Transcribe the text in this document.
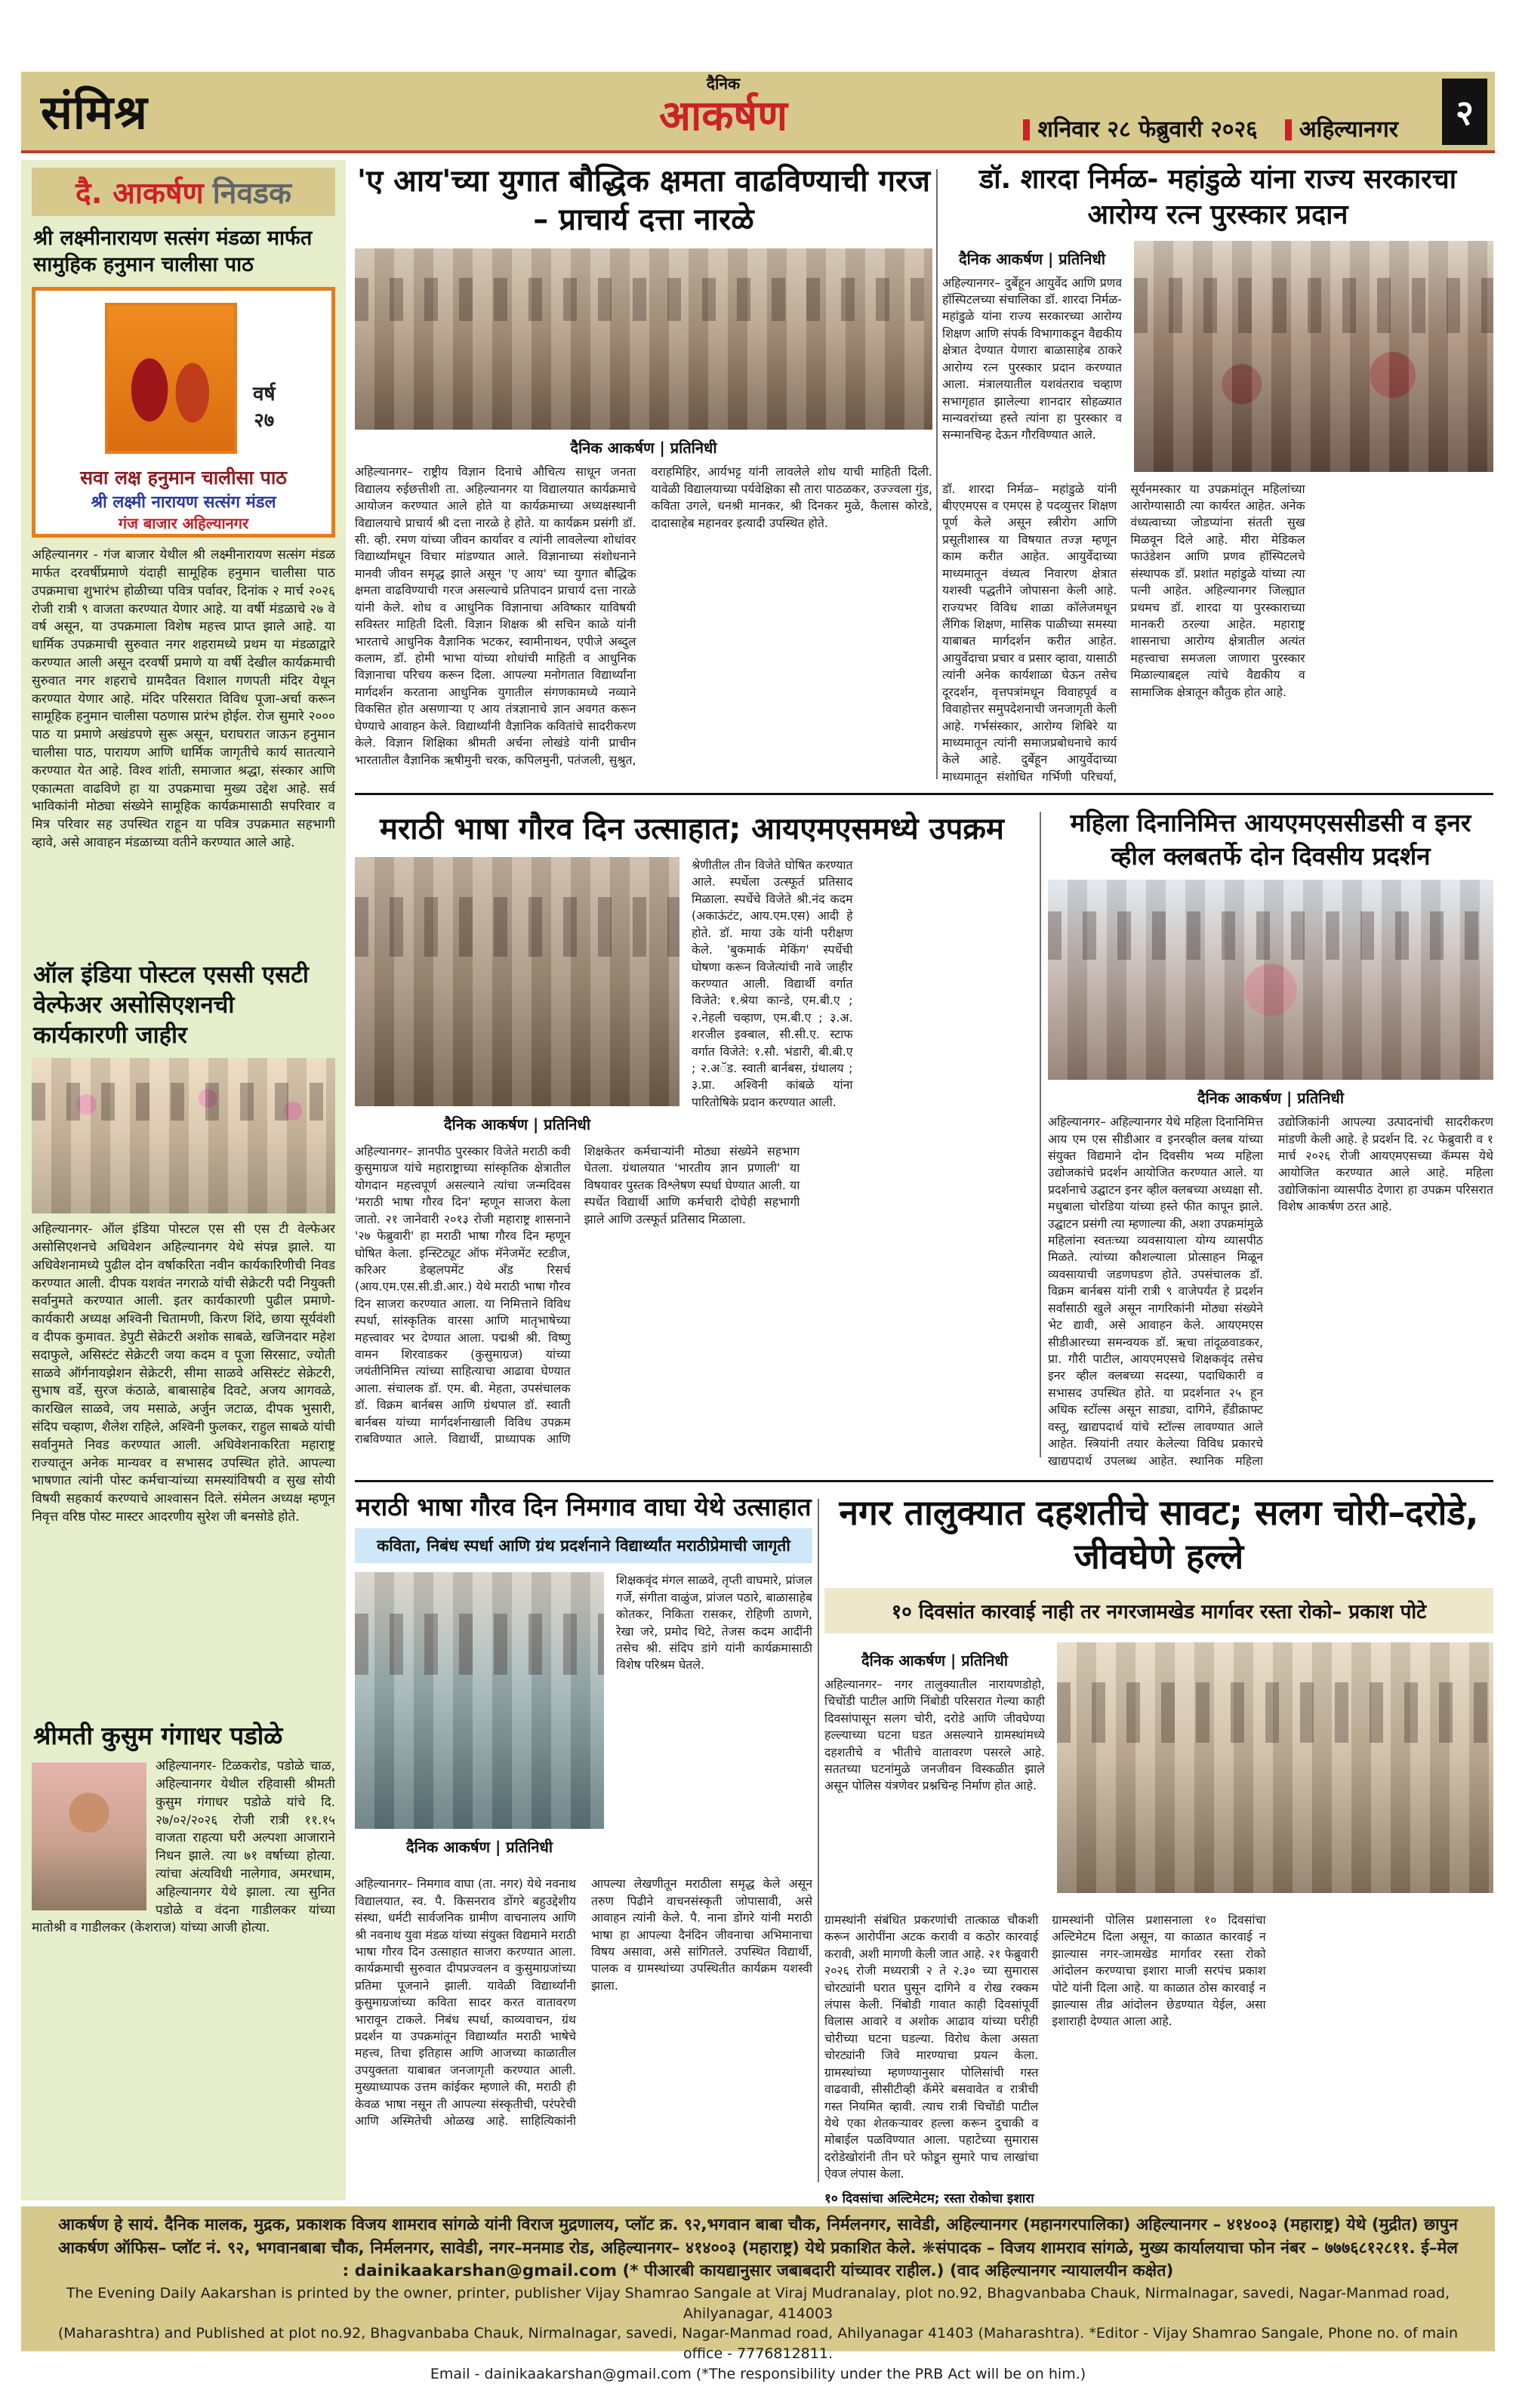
संमिश्र
दैनिक
आकर्षण	शनिवार २८ फेब्रुवारी २०२६	अहिल्यानगर	२
दै. आकर्षण निवडक
श्री लक्ष्मीनारायण सत्संग मंडळा मार्फत सामुहिक हनुमान चालीसा पाठ
वर्ष
२७
सवा लक्ष हनुमान चालीसा पाठ
श्री लक्ष्मी नारायण सत्संग मंडल
गंज बाजार अहिल्यानगर

अहिल्यानगर - गंज बाजार येथील श्री लक्ष्मीनारायण सत्संग मंडळ मार्फत दरवर्षीप्रमाणे यंदाही सामूहिक हनुमान चालीसा पाठ उपक्रमाचा शुभारंभ होळीच्या पवित्र पर्वावर, दिनांक २ मार्च २०२६ रोजी रात्री ९ वाजता करण्यात येणार आहे. या वर्षी मंडळाचे २७ वे वर्ष असून, या उपक्रमाला विशेष महत्त्व प्राप्त झाले आहे. या धार्मिक उपक्रमाची सुरुवात नगर शहरामध्ये प्रथम या मंडळाद्वारे करण्यात आली असून दरवर्षी प्रमाणे या वर्षी देखील कार्यक्रमाची सुरुवात नगर शहराचे ग्रामदैवत विशाल गणपती मंदिर येथून करण्यात येणार आहे. मंदिर परिसरात विविध पूजा-अर्चा करून सामूहिक हनुमान चालीसा पठणास प्रारंभ होईल. रोज सुमारे २००० पाठ या प्रमाणे अखंडपणे सुरू असून, घराघरात जाऊन हनुमान चालीसा पाठ, पारायण आणि धार्मिक जागृतीचे कार्य सातत्याने करण्यात येत आहे. विश्व शांती, समाजात श्रद्धा, संस्कार आणि एकात्मता वाढविणे हा या उपक्रमाचा मुख्य उद्देश आहे. सर्व भाविकांनी मोठ्या संख्येने सामूहिक कार्यक्रमासाठी सपरिवार व मित्र परिवार सह उपस्थित राहून या पवित्र उपक्रमात सहभागी व्हावे, असे आवाहन मंडळाच्या वतीने करण्यात आले आहे.

ऑल इंडिया पोस्टल एससी एसटी वेल्फेअर असोसिएशनची कार्यकारणी जाहीर

अहिल्यानगर- ऑल इंडिया पोस्टल एस सी एस टी वेल्फेअर असोसिएशनचे अधिवेशन अहिल्यानगर येथे संपन्न झाले. या अधिवेशनामध्ये पुढील दोन वर्षाकरिता नवीन कार्यकारिणीची निवड करण्यात आली. दीपक यशवंत नगराळे यांची सेक्रेटरी पदी नियुक्ती सर्वानुमते करण्यात आली. इतर कार्यकारणी पुढील प्रमाणे- कार्यकारी अध्यक्ष अश्विनी चितामणी, किरण शिंदे, छाया सूर्यवंशी व दीपक कुमावत. डेपुटी सेक्रेटरी अशोक साबळे, खजिनदार महेश सदाफुले, असिस्टंट सेक्रेटरी जया कदम व पूजा सिरसाट, ज्योती साळवे ऑर्गनायझेशन सेक्रेटरी, सीमा साळवे असिस्टंट सेक्रेटरी, सुभाष वर्डे, सुरज कंठाळे, बाबासाहेब दिवटे, अजय आगवळे, कारखिल साळवे, जय मसाळे, अर्जुन जटाळ, दीपक भुसारी, संदिप चव्हाण, शैलेश राहिले, अश्विनी फुलकर, राहुल साबळे यांची सर्वानुमते निवड करण्यात आली. अधिवेशनाकरिता महाराष्ट्र राज्यातून अनेक मान्यवर व सभासद उपस्थित होते. आपल्या भाषणात त्यांनी पोस्ट कर्मचाऱ्यांच्या समस्यांविषयी व सुख सोयी विषयी सहकार्य करण्याचे आश्वासन दिले. संमेलन अध्यक्ष म्हणून निवृत्त वरिष्ठ पोस्ट मास्टर आदरणीय सुरेश जी बनसोडे होते.

श्रीमती कुसुम गंगाधर पडोळे

अहिल्यानगर- टिळकरोड, पडोळे चाळ, अहिल्यानगर येथील रहिवासी श्रीमती कुसुम गंगाधर पडोळे यांचे दि. २७/०२/२०२६ रोजी रात्री ११.१५ वाजता राहत्या घरी अल्पशा आजाराने निधन झाले. त्या ७१ वर्षाच्या होत्या. त्यांचा अंत्यविधी नालेगाव, अमरधाम, अहिल्यानगर येथे झाला. त्या सुनित पडोळे व वंदना गाडीलकर यांच्या मातोश्री व गाडीलकर (केशराज) यांच्या आजी होत्या.

'ए आय'च्या युगात बौद्धिक क्षमता वाढविण्याची गरज – प्राचार्य दत्ता नारळे
दैनिक आकर्षण | प्रतिनिधी

अहिल्यानगर– राष्ट्रीय विज्ञान दिनाचे औचित्य साधून जनता विद्यालय रुईछत्तीशी ता. अहिल्यानगर या विद्यालयात कार्यक्रमाचे आयोजन करण्यात आले होते या कार्यक्रमाच्या अध्यक्षस्थानी विद्यालयाचे प्राचार्य श्री दत्ता नारळे हे होते. या कार्यक्रम प्रसंगी डॉ. सी. व्ही. रमण यांच्या जीवन कार्यावर व त्यांनी लावलेल्या शोधांवर विद्यार्थ्यांमधून विचार मांडण्यात आले. विज्ञानाच्या संशोधनाने मानवी जीवन समृद्ध झाले असून 'ए आय' च्या युगात बौद्धिक क्षमता वाढविण्याची गरज असल्याचे प्रतिपादन प्राचार्य दत्ता नारळे यांनी केले. शोध व आधुनिक विज्ञानाचा अविष्कार याविषयी सविस्तर माहिती दिली. विज्ञान शिक्षक श्री सचिन काळे यांनी भारताचे आधुनिक वैज्ञानिक भटकर, स्वामीनाथन, एपीजे अब्दुल कलाम, डॉ. होमी भाभा यांच्या शोधांची माहिती व आधुनिक विज्ञानाचा परिचय करून दिला. आपल्या मनोगतात विद्यार्थ्यांना मार्गदर्शन करताना आधुनिक युगातील संगणकामध्ये नव्याने विकसित होत असणाऱ्या ए आय तंत्रज्ञानाचे ज्ञान अवगत करून घेण्याचे आवाहन केले. विद्यार्थ्यांनी वैज्ञानिक कवितांचे सादरीकरण केले. विज्ञान शिक्षिका श्रीमती अर्चना लोखंडे यांनी प्राचीन भारतातील वैज्ञानिक ऋषीमुनी चरक, कपिलमुनी, पतंजली, सुश्रुत, वराहमिहिर, आर्यभट्ट यांनी लावलेले शोध याची माहिती दिली. यावेळी विद्यालयाच्या पर्यवेक्षिका सौ तारा पाठळकर, उज्ज्वला गुंड, कविता उगले, धनश्री मानकर, श्री दिनकर मुळे, कैलास कोरडे, दादासाहेब महानवर इत्यादी उपस्थित होते.

डॉ. शारदा निर्मळ- महांडुळे यांना राज्य सरकारचा आरोग्य रत्न पुरस्कार प्रदान
दैनिक आकर्षण | प्रतिनिधी

अहिल्यानगर– दुर्बेहून आयुर्वेद आणि प्रणव हॉस्पिटलच्या संचालिका डॉ. शारदा निर्मळ- महांडुळे यांना राज्य सरकारच्या आरोग्य शिक्षण आणि संपर्क विभागाकडून वैद्यकीय क्षेत्रात देण्यात येणारा बाळासाहेब ठाकरे आरोग्य रत्न पुरस्कार प्रदान करण्यात आला. मंत्रालयातील यशवंतराव चव्हाण सभागृहात झालेल्या शानदार सोहळ्यात मान्यवरांच्या हस्ते त्यांना हा पुरस्कार व सन्मानचिन्ह देऊन गौरविण्यात आले.

डॉ. शारदा निर्मळ– महांडुळे यांनी बीएएमएस व एमएस हे पदव्युत्तर शिक्षण पूर्ण केले असून स्त्रीरोग आणि प्रसूतीशास्त्र या विषयात तज्ज्ञ म्हणून काम करीत आहेत. आयुर्वेदाच्या माध्यमातून वंध्यत्व निवारण क्षेत्रात यशस्वी पद्धतीने जोपासना केली आहे. राज्यभर विविध शाळा कॉलेजमधून लैंगिक शिक्षण, मासिक पाळीच्या समस्या याबाबत मार्गदर्शन करीत आहेत. आयुर्वेदाचा प्रचार व प्रसार व्हावा, यासाठी त्यांनी अनेक कार्यशाळा घेऊन तसेच दूरदर्शन, वृत्तपत्रांमधून विवाहपूर्व व विवाहोत्तर समुपदेशनाची जनजागृती केली आहे. गर्भसंस्कार, आरोग्य शिबिरे या माध्यमातून त्यांनी समाजप्रबोधनाचे कार्य केले आहे. दुर्बेहून आयुर्वेदाच्या माध्यमातून संशोधित गर्भिणी परिचर्या, सूर्यनमस्कार या उपक्रमांतून महिलांच्या आरोग्यासाठी त्या कार्यरत आहेत. अनेक वंध्यत्वाच्या जोडप्यांना संतती सुख मिळवून दिले आहे. मीरा मेडिकल फाउंडेशन आणि प्रणव हॉस्पिटलचे संस्थापक डॉ. प्रशांत महांडुळे यांच्या त्या पत्नी आहेत. अहिल्यानगर जिल्ह्यात प्रथमच डॉ. शारदा या पुरस्काराच्या मानकरी ठरल्या आहेत. महाराष्ट्र शासनाचा आरोग्य क्षेत्रातील अत्यंत महत्त्वाचा समजला जाणारा पुरस्कार मिळाल्याबद्दल त्यांचे वैद्यकीय व सामाजिक क्षेत्रातून कौतुक होत आहे.

मराठी भाषा गौरव दिन उत्साहात; आयएमएसमध्ये उपक्रम
दैनिक आकर्षण | प्रतिनिधी

श्रेणीतील तीन विजेते घोषित करण्यात आले. स्पर्धेला उत्स्फूर्त प्रतिसाद मिळाला. स्पर्धेचे विजेते श्री.नंद कदम (अकाऊंटंट, आय.एम.एस) आदी हे होते. डॉ. माया उके यांनी परीक्षण केले. 'बुकमार्क मेकिंग' स्पर्धेची घोषणा करून विजेत्यांची नावे जाहीर करण्यात आली. विद्यार्थी वर्गात विजेते: १.श्रेया कान्डे, एम.बी.ए ; २.नेहली चव्हाण, एम.बी.ए ; ३.अ. शरजील इक्बाल, सी.सी.ए. स्टाफ वर्गात विजेते: १.सौ. भंडारी, बी.बी.ए ; २.अॅड. स्वाती बार्नबस, ग्रंथालय ; ३.प्रा. अश्विनी कांबळे यांना पारितोषिके प्रदान करण्यात आली.

अहिल्यानगर– ज्ञानपीठ पुरस्कार विजेते मराठी कवी कुसुमाग्रज यांचे महाराष्ट्राच्या सांस्कृतिक क्षेत्रातील योगदान महत्त्वपूर्ण असल्याने त्यांचा जन्मदिवस 'मराठी भाषा गौरव दिन' म्हणून साजरा केला जातो. २१ जानेवारी २०१३ रोजी महाराष्ट्र शासनाने '२७ फेब्रुवारी' हा मराठी भाषा गौरव दिन म्हणून घोषित केला. इन्स्टिट्यूट ऑफ मॅनेजमेंट स्टडीज, करिअर डेव्हलपमेंट अँड रिसर्च (आय.एम.एस.सी.डी.आर.) येथे मराठी भाषा गौरव दिन साजरा करण्यात आला. या निमित्ताने विविध स्पर्धा, सांस्कृतिक वारसा आणि मातृभाषेच्या महत्त्वावर भर देण्यात आला. पद्मश्री श्री. विष्णु वामन शिरवाडकर (कुसुमाग्रज) यांच्या जयंतीनिमित्त त्यांच्या साहित्याचा आढावा घेण्यात आला. संचालक डॉ. एम. बी. मेहता, उपसंचालक डॉ. विक्रम बार्नबस आणि ग्रंथपाल डॉ. स्वाती बार्नबस यांच्या मार्गदर्शनाखाली विविध उपक्रम राबविण्यात आले. विद्यार्थी, प्राध्यापक आणि शिक्षकेतर कर्मचाऱ्यांनी मोठ्या संख्येने सहभाग घेतला. ग्रंथालयात 'भारतीय ज्ञान प्रणाली' या विषयावर पुस्तक विश्लेषण स्पर्धा घेण्यात आली. या स्पर्धेत विद्यार्थी आणि कर्मचारी दोघेही सहभागी झाले आणि उत्स्फूर्त प्रतिसाद मिळाला.

महिला दिनानिमित्त आयएमएससीडसी व इनर व्हील क्लबतर्फे दोन दिवसीय प्रदर्शन
दैनिक आकर्षण | प्रतिनिधी

अहिल्यानगर– अहिल्यानगर येथे महिला दिनानिमित्त आय एम एस सीडीआर व इनरव्हील क्लब यांच्या संयुक्त विद्यमाने दोन दिवसीय भव्य महिला उद्योजकांचे प्रदर्शन आयोजित करण्यात आले. या प्रदर्शनाचे उद्घाटन इनर व्हील क्लबच्या अध्यक्षा सौ. मधुबाला चोरडिया यांच्या हस्ते फीत कापून झाले. उद्घाटन प्रसंगी त्या म्हणाल्या की, अशा उपक्रमांमुळे महिलांना स्वतःच्या व्यवसायाला योग्य व्यासपीठ मिळते. त्यांच्या कौशल्याला प्रोत्साहन मिळून व्यवसायाची जडणघडण होते. उपसंचालक डॉ. विक्रम बार्नबस यांनी रात्री ९ वाजेपर्यंत हे प्रदर्शन सर्वांसाठी खुले असून नागरिकांनी मोठ्या संख्येने भेट द्यावी, असे आवाहन केले. आयएमएस सीडीआरच्या समन्वयक डॉ. ऋचा तांदूळवाडकर, प्रा. गौरी पाटील, आयएमएसचे शिक्षकवृंद तसेच इनर व्हील क्लबच्या सदस्या, पदाधिकारी व सभासद उपस्थित होते. या प्रदर्शनात २५ हून अधिक स्टॉल्स असून साड्या, दागिने, हँडीक्राफ्ट वस्तू, खाद्यपदार्थ यांचे स्टॉल्स लावण्यात आले आहेत. स्त्रियांनी तयार केलेल्या विविध प्रकारचे खाद्यपदार्थ उपलब्ध आहेत. स्थानिक महिला उद्योजिकांनी आपल्या उत्पादनांची सादरीकरण मांडणी केली आहे. हे प्रदर्शन दि. २८ फेब्रुवारी व १ मार्च २०२६ रोजी आयएमएसच्या कॅम्पस येथे आयोजित करण्यात आले आहे. महिला उद्योजिकांना व्यासपीठ देणारा हा उपक्रम परिसरात विशेष आकर्षण ठरत आहे.

मराठी भाषा गौरव दिन निमगाव वाघा येथे उत्साहात
कविता, निबंध स्पर्धा आणि ग्रंथ प्रदर्शनाने विद्यार्थ्यांत मराठीप्रेमाची जागृती
दैनिक आकर्षण | प्रतिनिधी

शिक्षकवृंद मंगल साळवे, तृप्ती वाघमारे, प्रांजल गर्जे, संगीता वाळुंज, प्रांजल पठारे, बाळासाहेब कोतकर, निकिता रासकर, रोहिणी ठाणगे, रेखा जरे, प्रमोद थिटे, तेजस कदम आदींनी तसेच श्री. संदिप डांगे यांनी कार्यक्रमासाठी विशेष परिश्रम घेतले.

अहिल्यानगर– निमगाव वाघा (ता. नगर) येथे नवनाथ विद्यालयात, स्व. पै. किसनराव डोंगरे बहुउद्देशीय संस्था, धर्मटी सार्वजनिक ग्रामीण वाचनालय आणि श्री नवनाथ युवा मंडळ यांच्या संयुक्त विद्यमाने मराठी भाषा गौरव दिन उत्साहात साजरा करण्यात आला. कार्यक्रमाची सुरुवात दीपप्रज्वलन व कुसुमाग्रजांच्या प्रतिमा पूजनाने झाली. यावेळी विद्यार्थ्यांनी कुसुमाग्रजांच्या कविता सादर करत वातावरण भारावून टाकले. निबंध स्पर्धा, काव्यवाचन, ग्रंथ प्रदर्शन या उपक्रमांतून विद्यार्थ्यांत मराठी भाषेचे महत्त्व, तिचा इतिहास आणि आजच्या काळातील उपयुक्तता याबाबत जनजागृती करण्यात आली. मुख्याध्यापक उत्तम कांईकर म्हणाले की, मराठी ही केवळ भाषा नसून ती आपल्या संस्कृतीची, परंपरेची आणि अस्मितेची ओळख आहे. साहित्यिकांनी आपल्या लेखणीतून मराठीला समृद्ध केले असून तरुण पिढीने वाचनसंस्कृती जोपासावी, असे आवाहन त्यांनी केले. पै. नाना डोंगरे यांनी मराठी भाषा हा आपल्या दैनंदिन जीवनाचा अभिमानाचा विषय असावा, असे सांगितले. उपस्थित विद्यार्थी, पालक व ग्रामस्थांच्या उपस्थितीत कार्यक्रम यशस्वी झाला.

नगर तालुक्यात दहशतीचे सावट; सलग चोरी–दरोडे, जीवघेणे हल्ले
१० दिवसांत कारवाई नाही तर नगरजामखेड मार्गावर रस्ता रोको– प्रकाश पोटे
दैनिक आकर्षण | प्रतिनिधी

अहिल्यानगर– नगर तालुक्यातील नारायणडोहो, चिचोंडी पाटील आणि निंबोडी परिसरात गेल्या काही दिवसांपासून सलग चोरी, दरोडे आणि जीवघेण्या हल्ल्याच्या घटना घडत असल्याने ग्रामस्थांमध्ये दहशतीचे व भीतीचे वातावरण पसरले आहे. सततच्या घटनांमुळे जनजीवन विस्कळीत झाले असून पोलिस यंत्रणेवर प्रश्नचिन्ह निर्माण होत आहे.

ग्रामस्थांनी संबंधित प्रकरणांची तात्काळ चौकशी करून आरोपींना अटक करावी व कठोर कारवाई करावी, अशी मागणी केली जात आहे. २१ फेब्रुवारी २०२६ रोजी मध्यरात्री २ ते २.३० च्या सुमारास चोरट्यांनी घरात घुसून दागिने व रोख रक्कम लंपास केली. निंबोडी गावात काही दिवसांपूर्वी विलास आवारे व अशोक आढाव यांच्या घरीही चोरीच्या घटना घडल्या. विरोध केला असता चोरट्यांनी जिवे मारण्याचा प्रयत्न केला. ग्रामस्थांच्या म्हणण्यानुसार पोलिसांची गस्त वाढवावी, सीसीटीव्ही कॅमेरे बसवावेत व रात्रीची गस्त नियमित व्हावी. त्याच रात्री चिचोंडी पाटील येथे एका शेतकऱ्यावर हल्ला करून दुचाकी व मोबाईल पळविण्यात आला. पहाटेच्या सुमारास दरोडेखोरांनी तीन घरे फोडून सुमारे पाच लाखांचा ऐवज लंपास केला.

१० दिवसांचा अल्टिमेटम; रस्ता रोकोचा इशारा

ग्रामस्थांनी पोलिस प्रशासनाला १० दिवसांचा अल्टिमेटम दिला असून, या काळात कारवाई न झाल्यास नगर-जामखेड मार्गावर रस्ता रोको आंदोलन करण्याचा इशारा माजी सरपंच प्रकाश पोटे यांनी दिला आहे. या काळात ठोस कारवाई न झाल्यास तीव्र आंदोलन छेडण्यात येईल, असा इशाराही देण्यात आला आहे.

आकर्षण हे सायं. दैनिक मालक, मुद्रक, प्रकाशक विजय शामराव सांगळे यांनी विराज मुद्रणालय, प्लॉट क्र. ९२,भगवान बाबा चौक, निर्मलनगर, सावेडी, अहिल्यानगर (महानगरपालिका) अहिल्यानगर – ४१४००३ (महाराष्ट्र) येथे (मुद्रीत) छापुन
आकर्षण ऑफिस– प्लॉट नं. ९२, भगवानबाबा चौक, निर्मलनगर, सावेडी, नगर–मनमाड रोड, अहिल्यानगर– ४१४००३ (महाराष्ट्र) येथे प्रकाशित केले. ❋संपादक – विजय शामराव सांगळे, मुख्य कार्यालयाचा फोन नंबर – ७७७६८१२८११. ई–मेल
: dainikaakarshan@gmail.com (* पीआरबी कायद्यानुसार जबाबदारी यांच्यावर राहील.) (वाद अहिल्यानगर न्यायालयीन कक्षेत)
The Evening Daily Aakarshan is printed by the owner, printer, publisher Vijay Shamrao Sangale at Viraj Mudranalay, plot no.92, Bhagvanbaba Chauk, Nirmalnagar, savedi, Nagar-Manmad road, Ahilyanagar, 414003
(Maharashtra) and Published at plot no.92, Bhagvanbaba Chauk, Nirmalnagar, savedi, Nagar-Manmad road, Ahilyanagar 41403 (Maharashtra). *Editor - Vijay Shamrao Sangale, Phone no. of main office - 7776812811.
Email - dainikaakarshan@gmail.com (*The responsibility under the PRB Act will be on him.)
